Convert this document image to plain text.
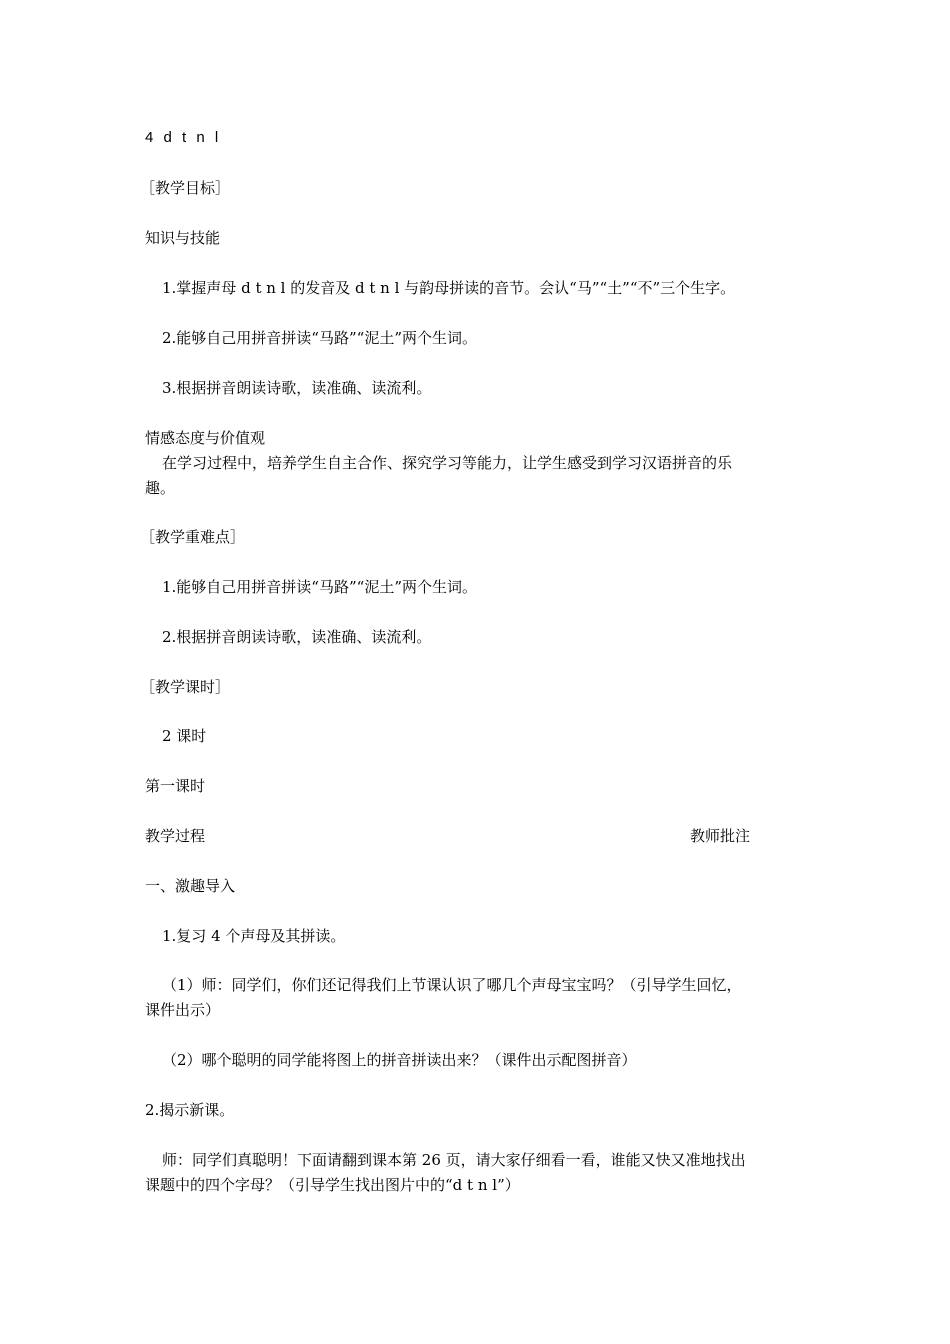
4 d t n l
［教学目标］
知识与技能
1.掌握声母 d t n l 的发音及 d t n l 与韵母拼读的音节。会认“马”“土”“不”三个生字。
2.能够自己用拼音拼读“马路”“泥土”两个生词。
3.根据拼音朗读诗歌，读准确、读流利。
情感态度与价值观
在学习过程中，培养学生自主合作、探究学习等能力，让学生感受到学习汉语拼音的乐
趣。
［教学重难点］
1.能够自己用拼音拼读“马路”“泥土”两个生词。
2.根据拼音朗读诗歌，读准确、读流利。
［教学课时］
2 课时
第一课时
教学过程	教师批注
一、激趣导入
1.复习 4 个声母及其拼读。
（1）师：同学们，你们还记得我们上节课认识了哪几个声母宝宝吗？（引导学生回忆，
课件出示）
（2）哪个聪明的同学能将图上的拼音拼读出来？（课件出示配图拼音）
2.揭示新课。
师：同学们真聪明！下面请翻到课本第 26 页，请大家仔细看一看，谁能又快又准地找出
课题中的四个字母？（引导学生找出图片中的“d t n l”）
